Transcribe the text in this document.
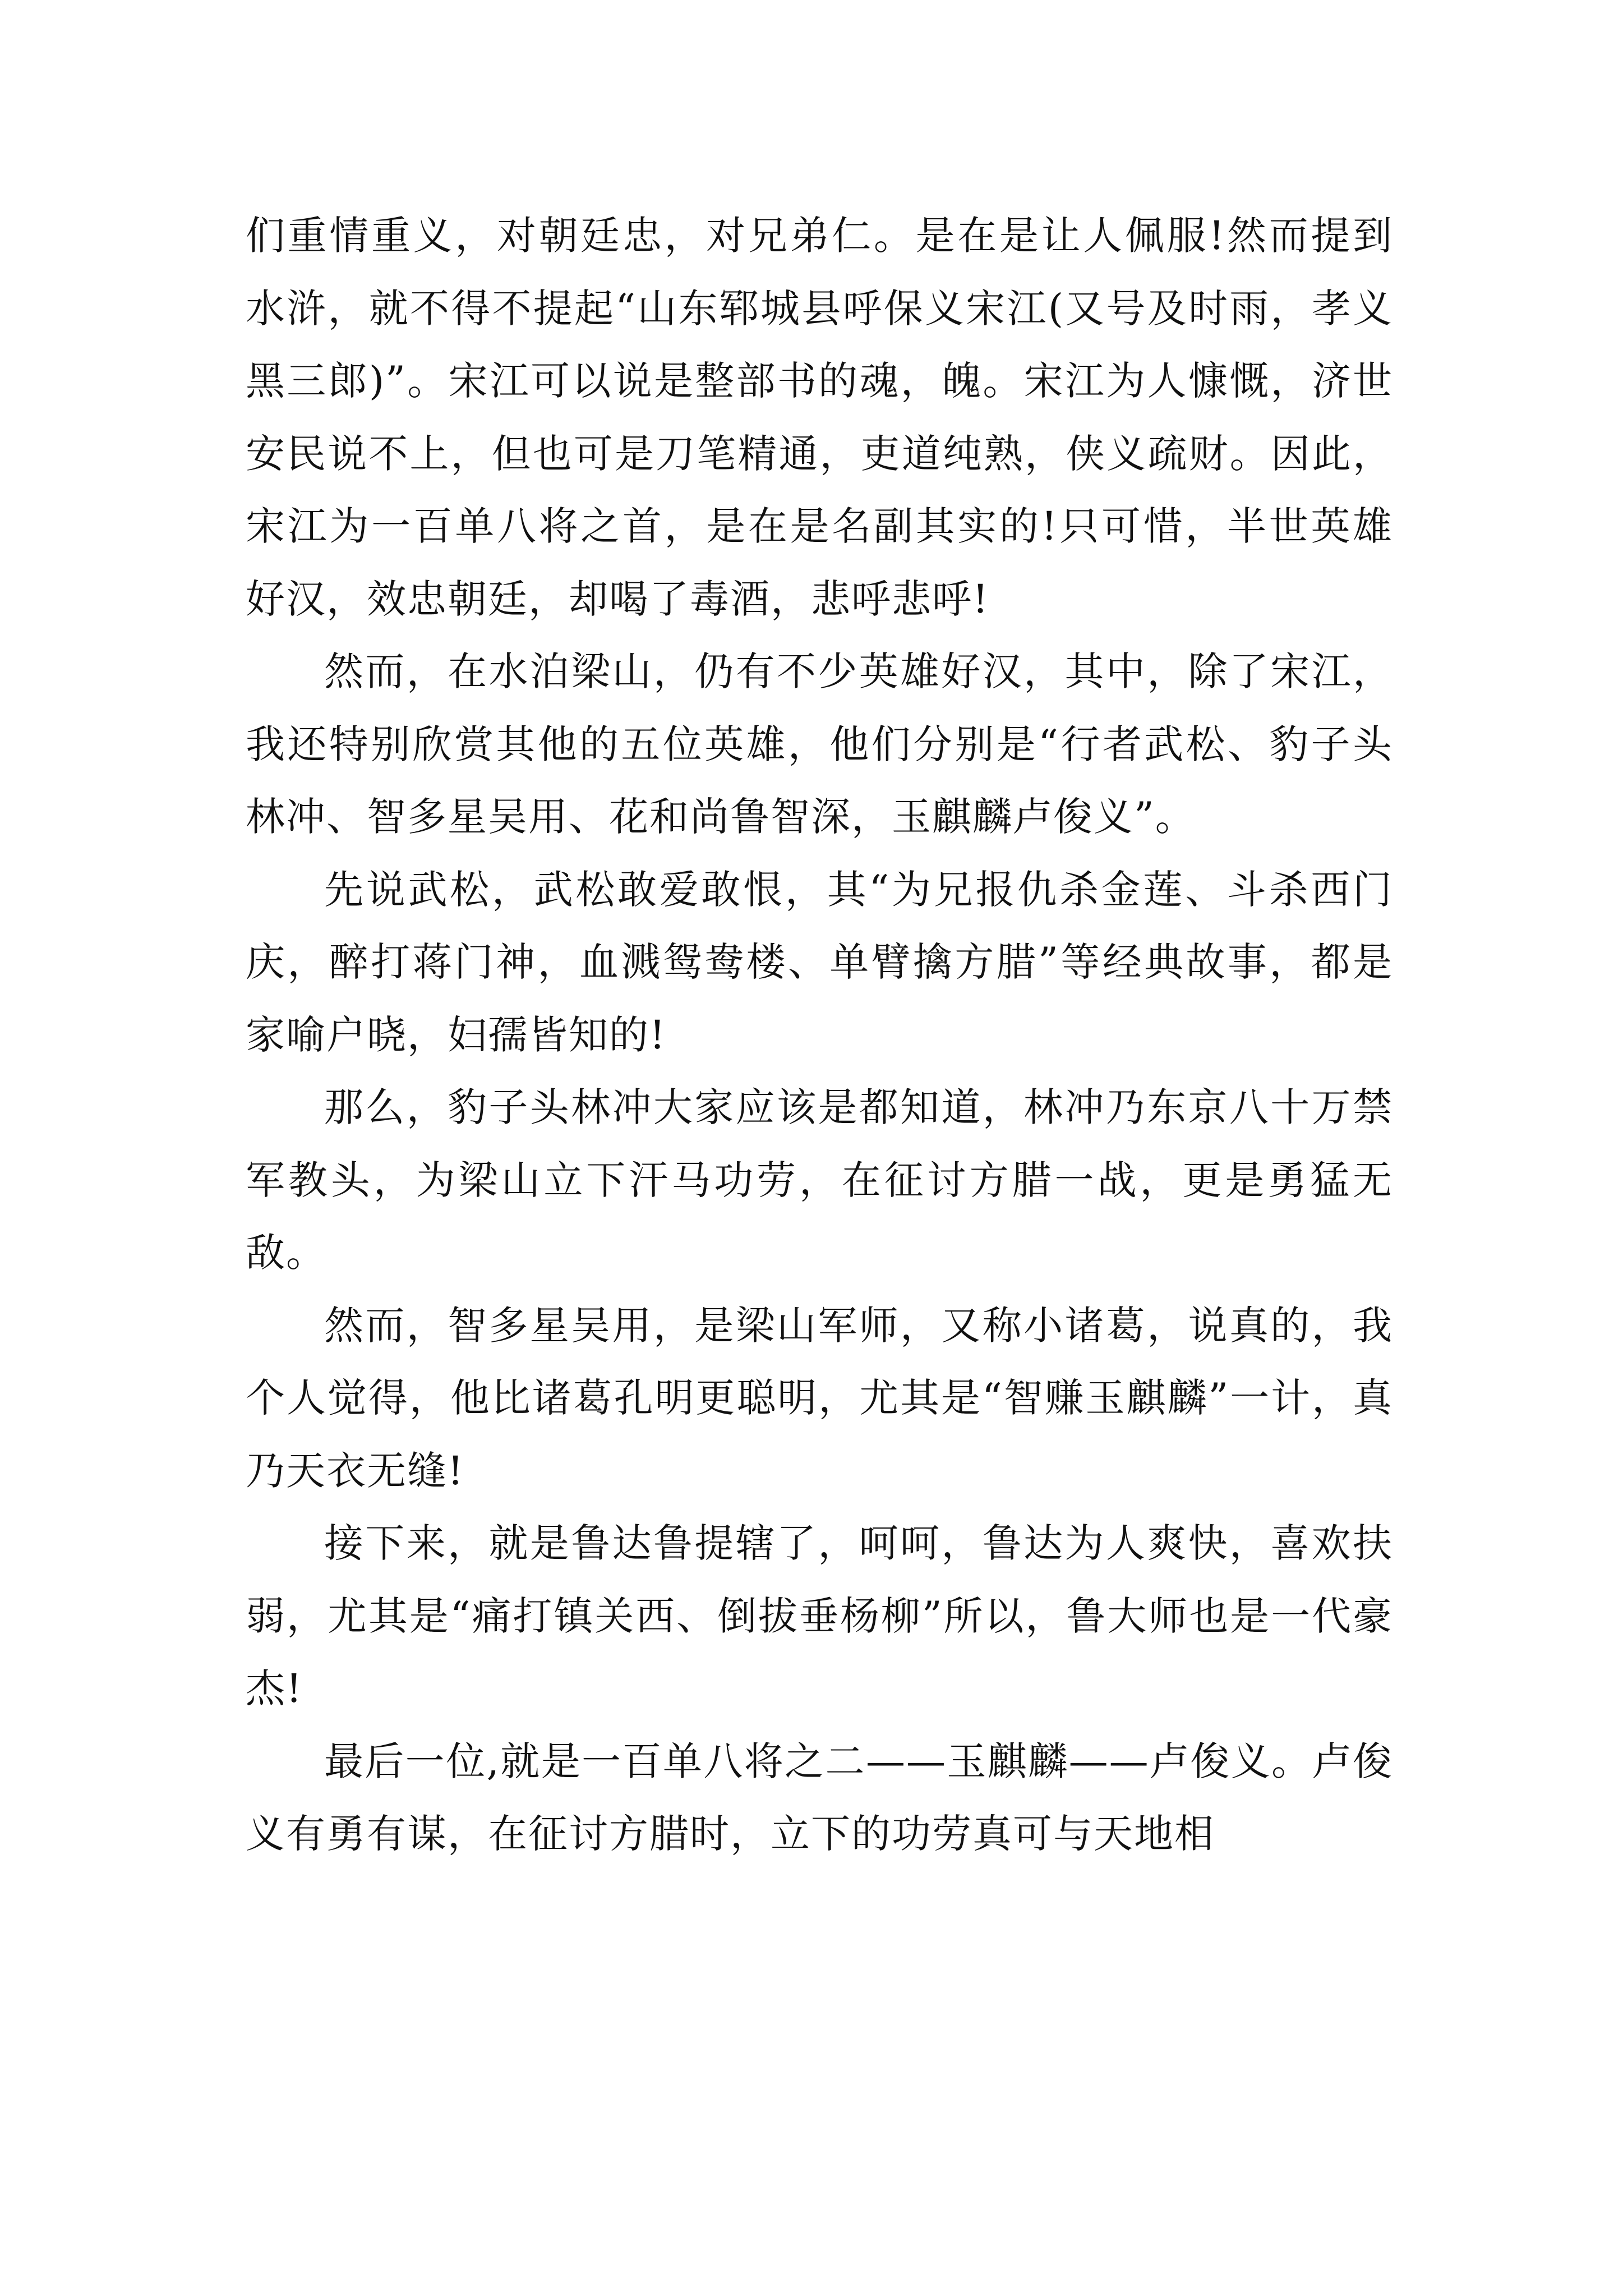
们重情重义，对朝廷忠，对兄弟仁。是在是让人佩服!然而提到水浒，就不得不提起“山东郓城县呼保义宋江(又号及时雨，孝义黑三郎)”。宋江可以说是整部书的魂，魄。宋江为人慷慨，济世安民说不上，但也可是刀笔精通，吏道纯熟，侠义疏财。因此，宋江为一百单八将之首，是在是名副其实的!只可惜，半世英雄好汉，效忠朝廷，却喝了毒酒，悲呼悲呼!

然而，在水泊梁山，仍有不少英雄好汉，其中，除了宋江，我还特别欣赏其他的五位英雄，他们分别是“行者武松、豹子头林冲、智多星吴用、花和尚鲁智深，玉麒麟卢俊义”。

先说武松，武松敢爱敢恨，其“为兄报仇杀金莲、斗杀西门庆，醉打蒋门神，血溅鸳鸯楼、单臂擒方腊”等经典故事，都是家喻户晓，妇孺皆知的!

那么，豹子头林冲大家应该是都知道，林冲乃东京八十万禁军教头，为梁山立下汗马功劳，在征讨方腊一战，更是勇猛无敌。

然而，智多星吴用，是梁山军师，又称小诸葛，说真的，我个人觉得，他比诸葛孔明更聪明，尤其是“智赚玉麒麟”一计，真乃天衣无缝!

接下来，就是鲁达鲁提辖了，呵呵，鲁达为人爽快，喜欢扶弱，尤其是“痛打镇关西、倒拔垂杨柳”所以，鲁大师也是一代豪杰!

最后一位,就是一百单八将之二——玉麒麟——卢俊义。卢俊义有勇有谋，在征讨方腊时，立下的功劳真可与天地相
